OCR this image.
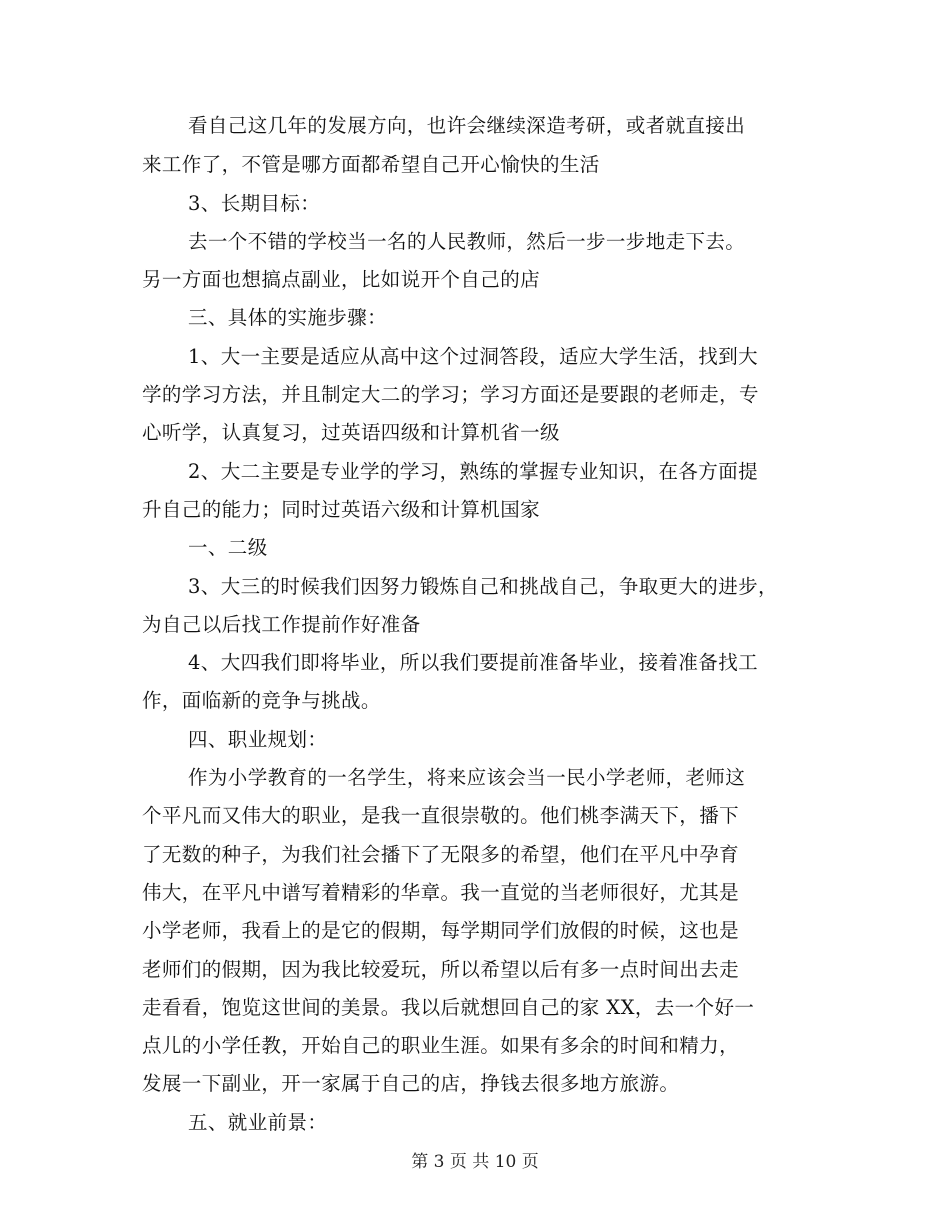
看自己这几年的发展方向，也许会继续深造考研，或者就直接出
来工作了，不管是哪方面都希望自己开心愉快的生活
3、长期目标：
去一个不错的学校当一名的人民教师，然后一步一步地走下去。
另一方面也想搞点副业，比如说开个自己的店
三、具体的实施步骤：
1、大一主要是适应从高中这个过洞答段，适应大学生活，找到大
学的学习方法，并且制定大二的学习；学习方面还是要跟的老师走，专
心听学，认真复习，过英语四级和计算机省一级
2、大二主要是专业学的学习，熟练的掌握专业知识，在各方面提
升自己的能力；同时过英语六级和计算机国家
一、二级
3、大三的时候我们因努力锻炼自己和挑战自己，争取更大的进步，
为自己以后找工作提前作好准备
4、大四我们即将毕业，所以我们要提前准备毕业，接着准备找工
作，面临新的竞争与挑战。
四、职业规划：
作为小学教育的一名学生，将来应该会当一民小学老师，老师这
个平凡而又伟大的职业，是我一直很崇敬的。他们桃李满天下，播下
了无数的种子，为我们社会播下了无限多的希望，他们在平凡中孕育
伟大，在平凡中谱写着精彩的华章。我一直觉的当老师很好，尤其是
小学老师，我看上的是它的假期，每学期同学们放假的时候，这也是
老师们的假期，因为我比较爱玩，所以希望以后有多一点时间出去走
走看看，饱览这世间的美景。我以后就想回自己的家 XX，去一个好一
点儿的小学任教，开始自己的职业生涯。如果有多余的时间和精力，
发展一下副业，开一家属于自己的店，挣钱去很多地方旅游。
五、就业前景：
第 3 页 共 10 页
